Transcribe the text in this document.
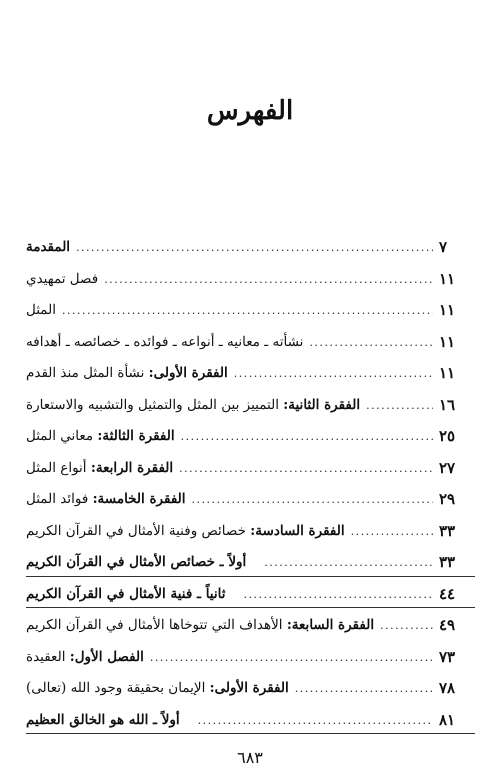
الفهرس
المقدمة .....	٧
فصل تمهيدي .....	١١
المثل .....	١١
نشأته ـ معانيه ـ أنواعه ـ فوائده ـ خصائصه ـ أهدافه .....	١١
الفقرة الأولى: نشأة المثل منذ القدم .....	١١
الفقرة الثانية: التمييز بين المثل والتمثيل والتشبيه والاستعارة .....	١٦
الفقرة الثالثة: معاني المثل .....	٢٥
الفقرة الرابعة: أنواع المثل .....	٢٧
الفقرة الخامسة: فوائد المثل .....	٢٩
الفقرة السادسة: خصائص وفنية الأمثال في القرآن الكريم .....	٣٣
أولاً ـ خصائص الأمثال في القرآن الكريم .....	٣٣
ثانياً ـ فنية الأمثال في القرآن الكريم .....	٤٤
الفقرة السابعة: الأهداف التي تتوخاها الأمثال في القرآن الكريم .....	٤٩
الفصل الأول: العقيدة .....	٧٣
الفقرة الأولى: الإيمان بحقيقة وجود الله (تعالى) .....	٧٨
أولاً ـ الله هو الخالق العظيم .....	٨١
٦٨٣
